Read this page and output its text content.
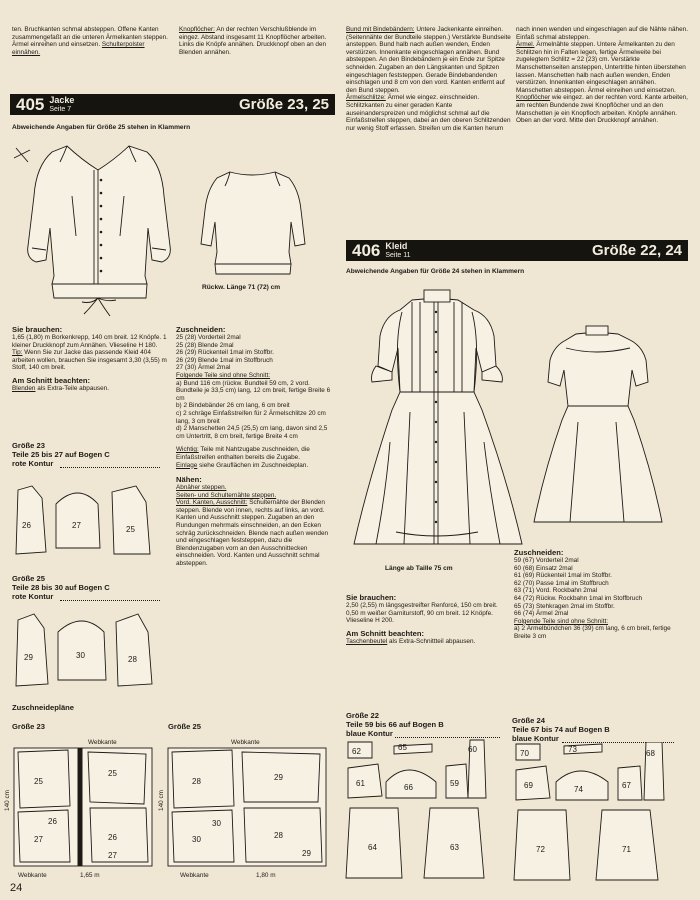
ten. Bruchkanten schmal absteppen. Offene Kanten zusammengefaßt an die unteren Ärmelkanten steppen. Ärmel einreihen und einsetzen. Schulterpolster einnähen.

Knopflöcher: An der rechten Verschlußblende im eingez. Abstand insgesamt 11 Knopflöcher arbeiten. Links die Knöpfe annähen. Druckknopf oben an den Blenden annähen.

Bund mit Bindebändern: Untere Jackenkante einreihen. (Seitennähte der Bundteile steppen.) Verstärkte Bundseite ansteppen. Bund halb nach außen wenden, Enden verstürzen. Innenkante eingeschlagen annähen. Bund absteppen. An den Bindebändern je ein Ende zur Spitze schneiden. Zugaben an den Längskanten und Spitzen eingeschlagen feststeppen. Gerade Bindebandenden einschlagen und 8 cm von den vord. Kanten entfernt auf den Bund steppen.

Ärmelschlitze: Ärmel wie eingez. einschneiden. Schlitzkanten zu einer geraden Kante auseinanderspreizen und möglichst schmal auf die Einfaßstreifen steppen, dabei an den oberen Schlitzenden nur wenig Stoff erfassen. Streifen um die Kanten herum

nach innen wenden und eingeschlagen auf die Nähte nähen. Einfaß schmal absteppen.

Ärmel. Ärmelnähte steppen. Untere Ärmelkanten zu den Schlitzen hin in Falten legen, fertige Ärmelweite bei zugelegtem Schlitz = 22 (23) cm. Verstärkte Manschettenseiten ansteppen, Untertritte hinten überstehen lassen. Manschetten halb nach außen wenden, Enden verstürzen. Innenkanten eingeschlagen annähen. Manschetten absteppen. Ärmel einreihen und einsetzen.

Knopflöcher wie eingez. an der rechten vord. Kante arbeiten, am rechten Bundende zwei Knopflöcher und an den Manschetten je ein Knopfloch arbeiten. Knöpfe annähen. Oben an der vord. Mitte den Druckknopf annähen.

405 Jacke
Seite 7	Größe 23, 25
Abweichende Angaben für Größe 25 stehen in Klammern
Rückw. Länge 71 (72) cm

Sie brauchen:

1,65 (1,80) m Borkenkrepp, 140 cm breit. 12 Knöpfe. 1 kleiner Druckknopf zum Annähen. Vlieseline H 180.

Tip: Wenn Sie zur Jacke das passende Kleid 404 arbeiten wollen, brauchen Sie insgesamt 3,30 (3,55) m Stoff, 140 cm breit.

Am Schnitt beachten:

Blenden als Extra-Teile abpausen.

Größe 23

Teile 25 bis 27 auf Bogen C

rote Kontur

26	27	25

Größe 25

Teile 28 bis 30 auf Bogen C

rote Kontur

29	30	28
Zuschneidepläne
Größe 23	Größe 25
Webkante	Webkante
25
27
25
26
27
26
140 cm
Webkante	1,65 m
28
30
29
28
30
29
140 cm
Webkante	1,80 m

Zuschneiden:

25 (28) Vorderteil 2mal

25 (28) Blende 2mal

26 (29) Rückenteil 1mal im Stoffbr.

26 (29) Blende 1mal im Stoffbruch

27 (30) Ärmel 2mal

Folgende Teile sind ohne Schnitt:

a) Bund 116 cm (rückw. Bundteil 59 cm, 2 vord. Bundteile je 33,5 cm) lang, 12 cm breit, fertige Breite 6 cm

b) 2 Bindebänder 26 cm lang, 6 cm breit

c) 2 schräge Einfaßstreifen für 2 Ärmelschlitze 20 cm lang, 3 cm breit

d) 2 Manschetten 24,5 (25,5) cm lang, davon sind 2,5 cm Untertritt, 8 cm breit, fertige Breite 4 cm

Wichtig: Teile mit Nahtzugabe zuschneiden, die Einfaßstreifen enthalten bereits die Zugabe.

Einlage siehe Grauflächen im Zuschneideplan.

Nähen:

Abnäher steppen.

Seiten- und Schulternähte steppen.

Vord. Kanten, Ausschnitt: Schulternähte der Blenden steppen. Blende von innen, rechts auf links, an vord. Kanten und Ausschnitt steppen. Zugaben an den Rundungen mehrmals einschneiden, an den Ecken schräg zurückschneiden. Blende nach außen wenden und eingeschlagen feststeppen, dazu die Blendenzugaben vorn an den Ausschnittecken einschneiden. Vord. Kanten und Ausschnitt schmal absteppen.

406 Kleid
Seite 11	Größe 22, 24
Abweichende Angaben für Größe 24 stehen in Klammern
Länge ab Taille 75 cm

Sie brauchen:

2,50 (2,55) m längsgestreifter Renforcé, 150 cm breit. 0,50 m weißer Garniturstoff, 90 cm breit. 12 Knöpfe. Vlieseline H 200.

Am Schnitt beachten:

Taschenbeutel als Extra-Schnittteil abpausen.

Zuschneiden:

59 (67) Vorderteil 2mal

60 (68) Einsatz 2mal

61 (69) Rückenteil 1mal im Stoffbr.

62 (70) Passe 1mal im Stoffbruch

63 (71) Vord. Rockbahn 2mal

64 (72) Rückw. Rockbahn 1mal im Stoffbruch

65 (73) Stehkragen 2mal im Stoffbr.

66 (74) Ärmel 2mal

Folgende Teile sind ohne Schnitt:

a) 2 Ärmelbündchen 36 (39) cm lang, 6 cm breit, fertige Breite 3 cm

Größe 22

Teile 59 bis 66 auf Bogen B

blaue Kontur

62	65	60
61	66	59
64	63

Größe 24

Teile 67 bis 74 auf Bogen B

blaue Kontur

70	73	68
69	74	67
72	71
24
